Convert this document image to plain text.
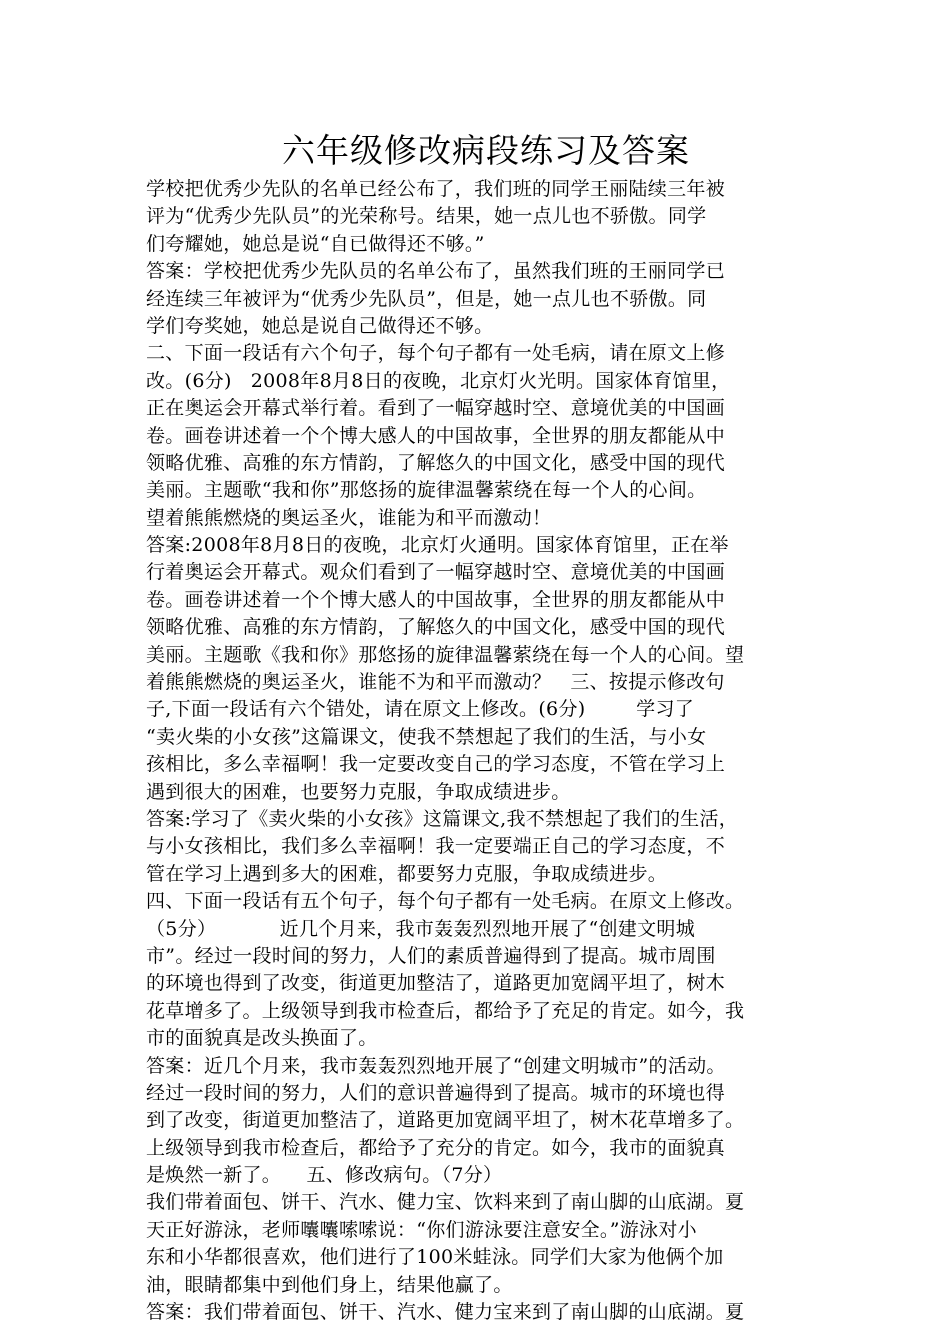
六年级修改病段练习及答案
学校把优秀少先队的名单已经公布了，我们班的同学王丽陆续三年被
评为“优秀少先队员”的光荣称号。结果，她一点儿也不骄傲。同学
们夸耀她，她总是说“自已做得还不够。”
答案：学校把优秀少先队员的名单公布了，虽然我们班的王丽同学已
经连续三年被评为“优秀少先队员”，但是，她一点儿也不骄傲。同
学们夸奖她，她总是说自己做得还不够。
二、下面一段话有六个句子，每个句子都有一处毛病，请在原文上修
改。(6分)   2008年8月8日的夜晚，北京灯火光明。国家体育馆里，
正在奥运会开幕式举行着。看到了一幅穿越时空、意境优美的中国画
卷。画卷讲述着一个个博大感人的中国故事，全世界的朋友都能从中
领略优雅、高雅的东方情韵，了解悠久的中国文化，感受中国的现代
美丽。主题歌“我和你”那悠扬的旋律温馨萦绕在每一个人的心间。
望着熊熊燃烧的奥运圣火，谁能为和平而激动！
答案:2008年8月8日的夜晚，北京灯火通明。国家体育馆里，正在举
行着奥运会开幕式。观众们看到了一幅穿越时空、意境优美的中国画
卷。画卷讲述着一个个博大感人的中国故事，全世界的朋友都能从中
领略优雅、高雅的东方情韵，了解悠久的中国文化，感受中国的现代
美丽。主题歌《我和你》那悠扬的旋律温馨萦绕在每一个人的心间。望
着熊熊燃烧的奥运圣火，谁能不为和平而激动？   三、按提示修改句
子,下面一段话有六个错处，请在原文上修改。(6分)        学习了
“卖火柴的小女孩”这篇课文，使我不禁想起了我们的生活，与小女
孩相比，多么幸福啊！我一定要改变自己的学习态度，不管在学习上
遇到很大的困难，也要努力克服，争取成绩进步。
答案:学习了《卖火柴的小女孩》这篇课文,我不禁想起了我们的生活，
与小女孩相比，我们多么幸福啊！我一定要端正自己的学习态度，不
管在学习上遇到多大的困难，都要努力克服，争取成绩进步。
四、下面一段话有五个句子，每个句子都有一处毛病。在原文上修改。
（5分）          近几个月来，我市轰轰烈烈地开展了“创建文明城
市”。经过一段时间的努力，人们的素质普遍得到了提高。城市周围
的环境也得到了改变，街道更加整洁了，道路更加宽阔平坦了，树木
花草增多了。上级领导到我市检查后，都给予了充足的肯定。如今，我
市的面貌真是改头换面了。
答案：近几个月来，我市轰轰烈烈地开展了“创建文明城市”的活动。
经过一段时间的努力，人们的意识普遍得到了提高。城市的环境也得
到了改变，街道更加整洁了，道路更加宽阔平坦了，树木花草增多了。
上级领导到我市检查后，都给予了充分的肯定。如今，我市的面貌真
是焕然一新了。    五、修改病句。（7分）
我们带着面包、饼干、汽水、健力宝、饮料来到了南山脚的山底湖。夏
天正好游泳，老师囔囔嗦嗦说：“你们游泳要注意安全。”游泳对小
东和小华都很喜欢，他们进行了100米蛙泳。同学们大家为他俩个加
油，眼睛都集中到他们身上，结果他赢了。
答案：我们带着面包、饼干、汽水、健力宝来到了南山脚的山底湖。夏
